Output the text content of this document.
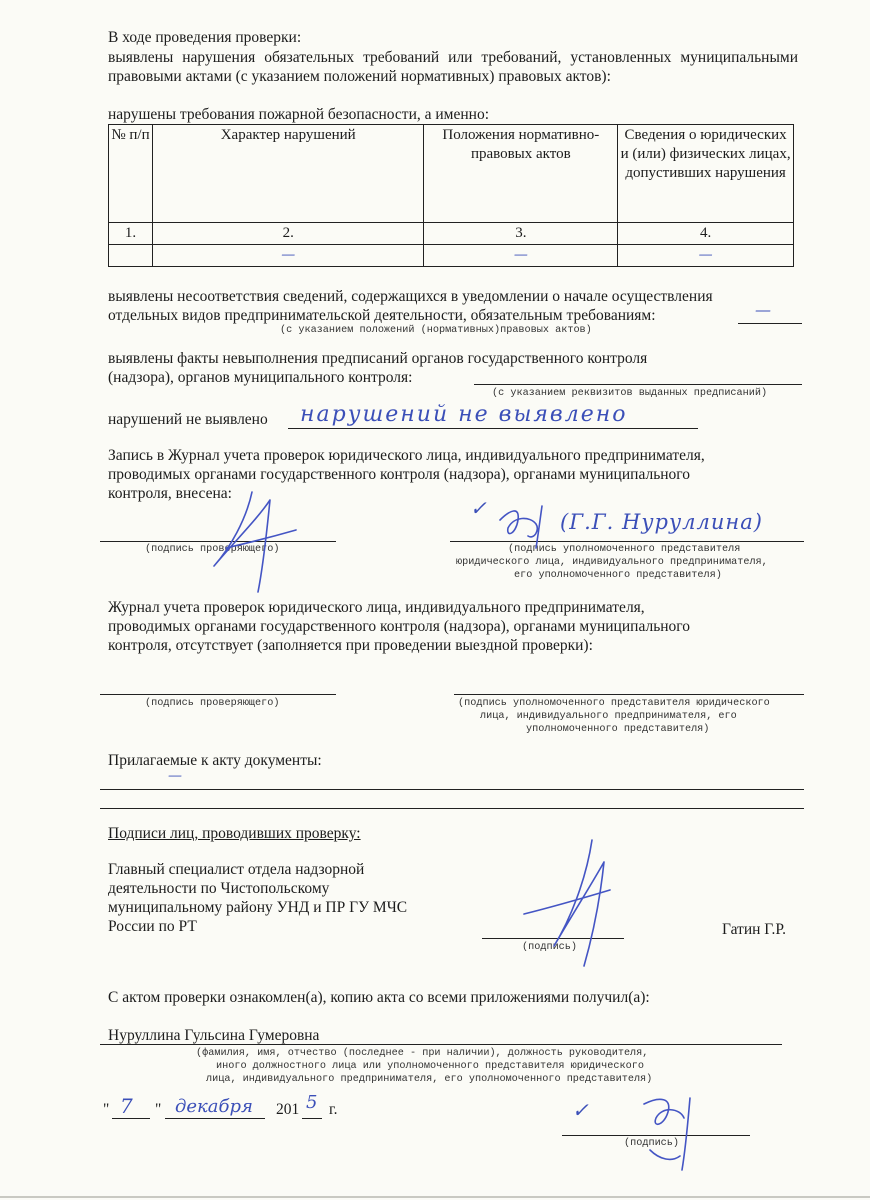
В ходе проведения проверки:
выявлены нарушения обязательных требований или требований, установленных муниципальными правовыми актами (с указанием положений нормативных) правовых актов):
нарушены требования пожарной безопасности, а именно:
№ п/п	Характер нарушений	Положения нормативно-правовых актов	Сведения о юридических и (или) физических лицах, допустивших нарушения
1.	2.	3.	4.
	—	—	—
выявлены несоответствия сведений, содержащихся в уведомлении о начале осуществления
отдельных видов предпринимательской деятельности, обязательным требованиям:	—
(с указанием положений (нормативных)правовых актов)
выявлены факты невыполнения предписаний органов государственного контроля
(надзора), органов муниципального контроля:
(с указанием реквизитов выданных предписаний)
нарушений не выявлено нарушений не выявлено
Запись в Журнал учета проверок юридического лица, индивидуального предпринимателя,
проводимых органами государственного контроля (надзора), органами муниципального
контроля, внесена:
(подпись проверяющего)	(подпись уполномоченного представителя
юридического лица, индивидуального предпринимателя,
его уполномоченного представителя)
✓
(Г.Г. Нуруллина)
Журнал учета проверок юридического лица, индивидуального предпринимателя,
проводимых органами государственного контроля (надзора), органами муниципального
контроля, отсутствует (заполняется при проведении выездной проверки):
(подпись проверяющего)	(подпись уполномоченного представителя юридического
лица, индивидуального предпринимателя, его
уполномоченного представителя)
Прилагаемые к акту документы:
—
Подписи лиц, проводивших проверку:
Главный специалист отдела надзорной
деятельности по Чистопольскому
муниципальному району УНД и ПР ГУ МЧС
России по РТ
(подпись)
Гатин Г.Р.
С актом проверки ознакомлен(а), копию акта со всеми приложениями получил(а):
Нуруллина Гульсина Гумеровна
(фамилия, имя, отчество (последнее - при наличии), должность руководителя,
иного должностного лица или уполномоченного представителя юридического
лица, индивидуального предпринимателя, его уполномоченного представителя)
" 7 " декабря 201 5 г.	✓
(подпись)
